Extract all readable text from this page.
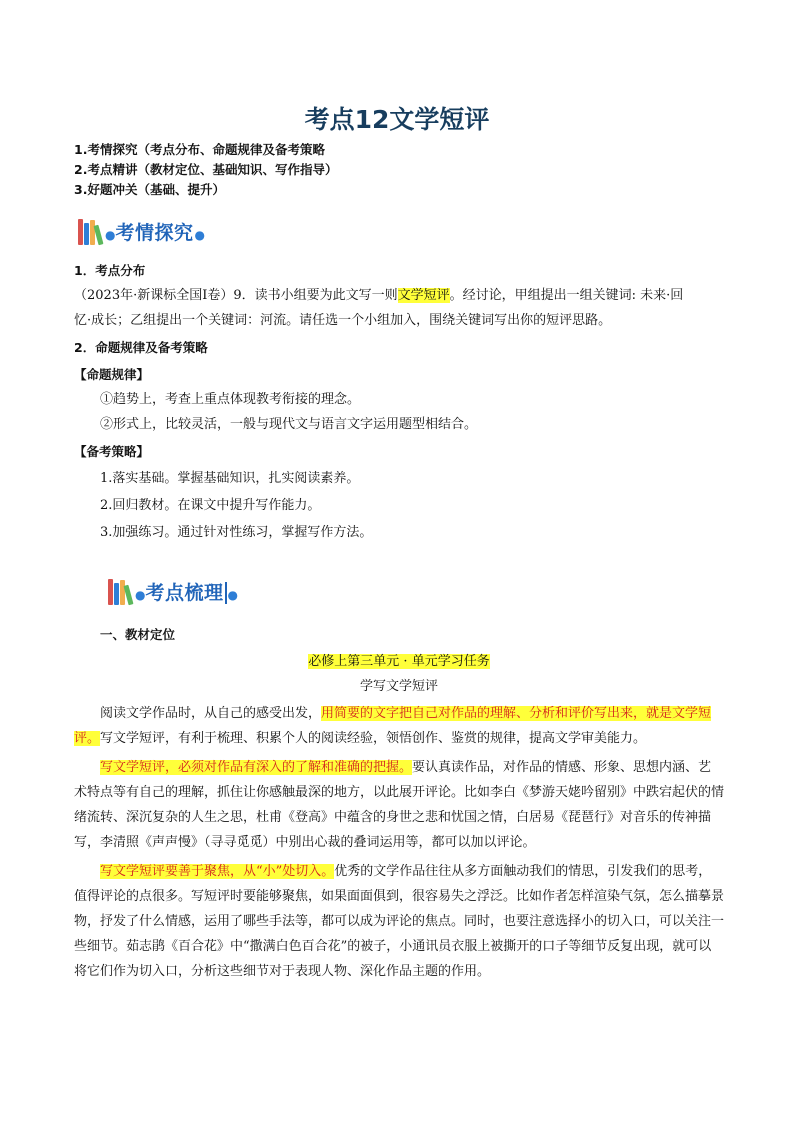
考点12文学短评

1.考情探究（考点分布、命题规律及备考策略

2.考点精讲（教材定位、基础知识、写作指导）

3.好题冲关（基础、提升）

● 考情探究 ●

1．考点分布

（2023年·新课标全国Ⅰ卷）9．读书小组要为此文写一则文学短评。经讨论，甲组提出一组关键词: 未来·回

忆·成长；乙组提出一个关键词：河流。请任选一个小组加入，围绕关键词写出你的短评思路。

2．命题规律及备考策略

【命题规律】

①趋势上，考查上重点体现教考衔接的理念。

②形式上，比较灵活，一般与现代文与语言文字运用题型相结合。

【备考策略】

1.落实基础。掌握基础知识，扎实阅读素养。

2.回归教材。在课文中提升写作能力。

3.加强练习。通过针对性练习，掌握写作方法。

● 考点梳理 ●

一、教材定位

必修上第三单元 · 单元学习任务

学写文学短评

阅读文学作品时，从自己的感受出发，用简要的文字把自己对作品的理解、分析和评价写出来，就是文学短评。写文学短评，有利于梳理、积累个人的阅读经验，领悟创作、鉴赏的规律，提高文学审美能力。

写文学短评，必须对作品有深入的了解和准确的把握。要认真读作品，对作品的情感、形象、思想内涵、艺术特点等有自己的理解，抓住让你感触最深的地方，以此展开评论。比如李白《梦游天姥吟留别》中跌宕起伏的情绪流转、深沉复杂的人生之思，杜甫《登高》中蕴含的身世之悲和忧国之情，白居易《琵琶行》对音乐的传神描写，李清照《声声慢》（寻寻觅觅）中别出心裁的叠词运用等，都可以加以评论。

写文学短评要善于聚焦，从“小”处切入。优秀的文学作品往往从多方面触动我们的情思，引发我们的思考，值得评论的点很多。写短评时要能够聚焦，如果面面俱到，很容易失之浮泛。比如作者怎样渲染气氛，怎么描摹景物，抒发了什么情感，运用了哪些手法等，都可以成为评论的焦点。同时，也要注意选择小的切入口，可以关注一些细节。茹志鹃《百合花》中“撒满白色百合花”的被子，小通讯员衣服上被撕开的口子等细节反复出现，就可以将它们作为切入口，分析这些细节对于表现人物、深化作品主题的作用。
